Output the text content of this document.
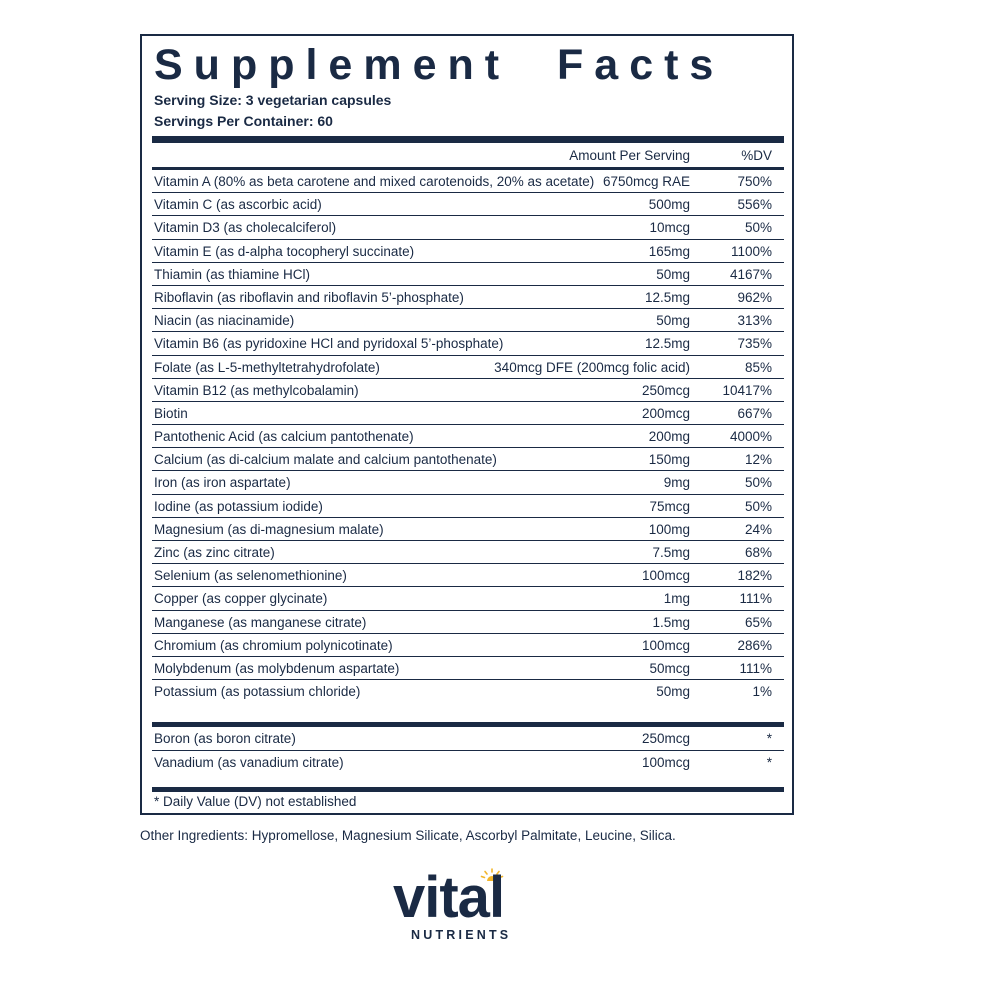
Supplement Facts
Serving Size: 3 vegetarian capsules
Servings Per Container: 60
Amount Per Serving	%DV
Vitamin A (80% as beta carotene and mixed carotenoids, 20% as acetate) 6750mcg RAE	750%
Vitamin C (as ascorbic acid)	500mg	556%
Vitamin D3 (as cholecalciferol)	10mcg	50%
Vitamin E (as d-alpha tocopheryl succinate)	165mg	1100%
Thiamin (as thiamine HCl)	50mg	4167%
Riboflavin (as riboflavin and riboflavin 5’-phosphate)	12.5mg	962%
Niacin (as niacinamide)	50mg	313%
Vitamin B6 (as pyridoxine HCl and pyridoxal 5’-phosphate)	12.5mg	735%
Folate (as L-5-methyltetrahydrofolate)	340mcg DFE (200mcg folic acid)	85%
Vitamin B12 (as methylcobalamin)	250mcg 10417%
Biotin	200mcg	667%
Pantothenic Acid (as calcium pantothenate)	200mg	4000%
Calcium (as di-calcium malate and calcium pantothenate)	150mg	12%
Iron (as iron aspartate)	9mg	50%
Iodine (as potassium iodide)	75mcg	50%
Magnesium (as di-magnesium malate)	100mg	24%
Zinc (as zinc citrate)	7.5mg	68%
Selenium (as selenomethionine)	100mcg	182%
Copper (as copper glycinate)	1mg	111%
Manganese (as manganese citrate)	1.5mg	65%
Chromium (as chromium polynicotinate)	100mcg	286%
Molybdenum (as molybdenum aspartate)	50mcg	111%
Potassium (as potassium chloride)	50mg	1%
Boron (as boron citrate)	250mcg	*
Vanadium (as vanadium citrate)	100mcg	*
* Daily Value (DV) not established
Other Ingredients: Hypromellose, Magnesium Silicate, Ascorbyl Palmitate, Leucine, Silica.
vital
NUTRIENTS
